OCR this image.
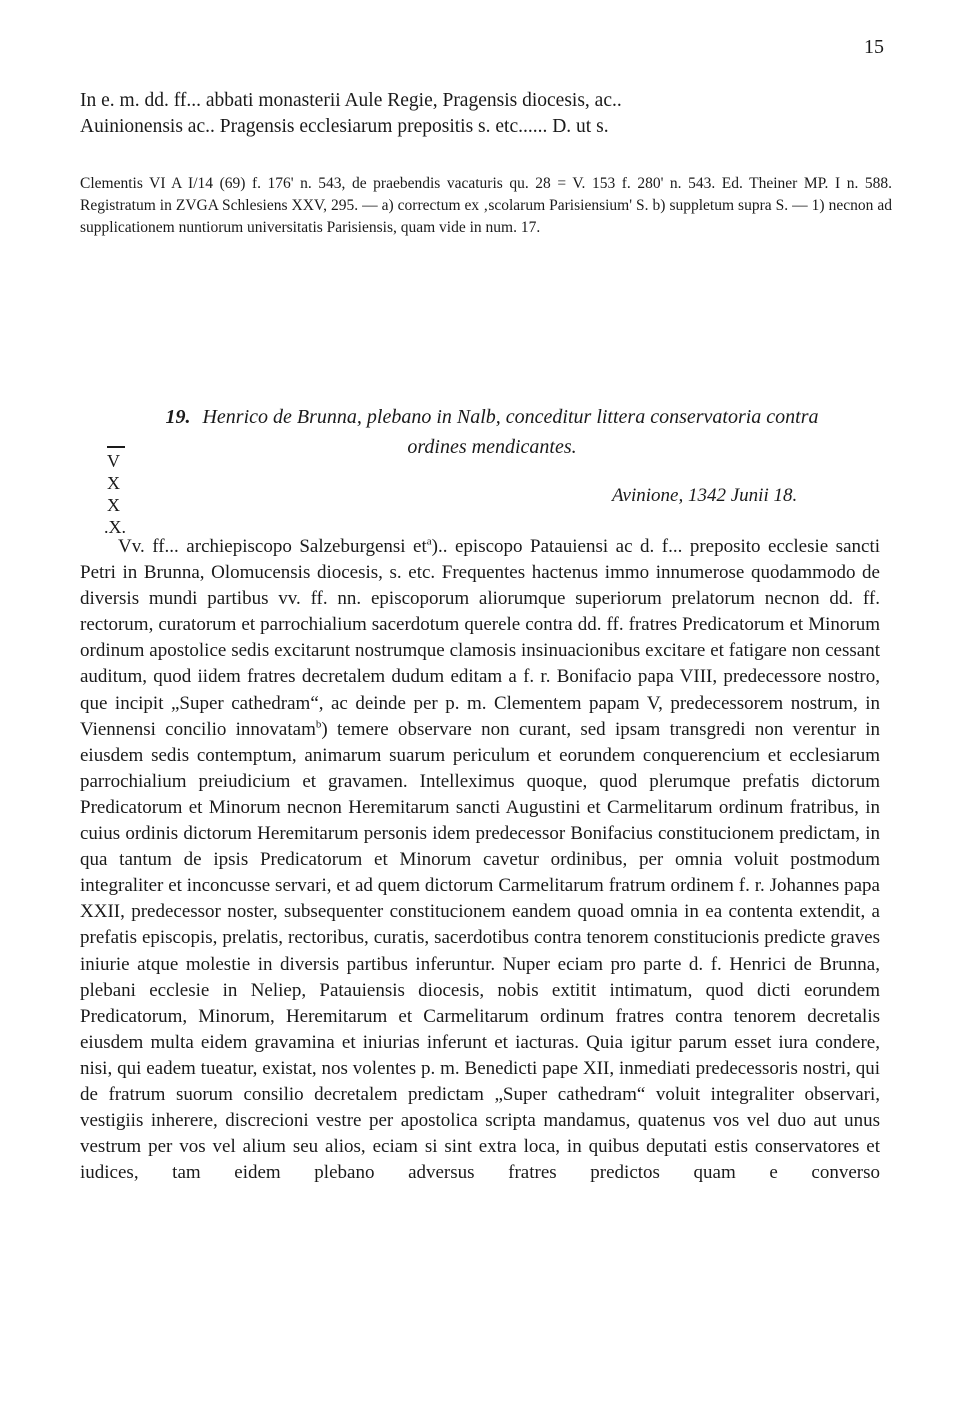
15
In e. m. dd. ff... abbati monasterii Aule Regie, Pragensis diocesis, ac..
Auinionensis ac.. Pragensis ecclesiarum prepositis s. etc...... D. ut s.
Clementis VI A I/14 (69) f. 176' n. 543, de praebendis vacaturis qu. 28 = V. 153 f. 280' n. 543. Ed. Theiner MP. I n. 588. Registratum in ZVGA Schlesiens XXV, 295. — a) correctum ex ‚scolarum Parisiensium' S. b) suppletum supra S. — 1) necnon ad supplicationem nuntiorum universitatis Parisiensis, quam vide in num. 17.
19. Henrico de Brunna, plebano in Nalb, conceditur littera conservatoria contra
ordines mendicantes.
V
X
X
.X.
Avinione, 1342 Junii 18.

Vv. ff... archiepiscopo Salzeburgensi $et^a$).. episcopo Patauiensi ac d. f... preposito ecclesie sancti Petri in Brunna, Olomucensis diocesis, s. etc. Frequentes hactenus immo innumerose quodammodo de diversis mundi partibus vv. ff. nn. episcoporum aliorumque superiorum prelatorum necnon dd. ff. rectorum, curatorum et parrochialium sacerdotum querele contra dd. ff. fratres Predicatorum et Minorum ordinum apostolice sedis excitarunt nostrumque clamosis insinuacionibus excitare et fatigare non cessant auditum, quod iidem fratres decretalem dudum editam a f. r. Bonifacio papa VIII, predecessore nostro, que incipit „Super cathedram“, ac deinde per p. m. Clementem papam V, predecessorem nostrum, in Viennensi concilio innovatam$^b$) temere observare non curant, sed ipsam transgredi non verentur in eiusdem sedis contemptum, animarum suarum periculum et eorundem conquerencium et ecclesiarum parrochialium preiudicium et gravamen. Intelleximus quoque, quod plerumque prefatis dictorum Predicatorum et Minorum necnon Heremitarum sancti Augustini et Carmelitarum ordinum fratribus, in cuius ordinis dictorum Heremitarum personis idem predecessor Bonifacius constitucionem predictam, in qua tantum de ipsis Predicatorum et Minorum cavetur ordinibus, per omnia voluit postmodum integraliter et inconcusse servari, et ad quem dictorum Carmelitarum fratrum ordinem f. r. Johannes papa XXII, predecessor noster, subsequenter constitucionem eandem quoad omnia in ea contenta extendit, a prefatis episcopis, prelatis, rectoribus, curatis, sacerdotibus contra tenorem constitucionis predicte graves iniurie atque molestie in diversis partibus inferuntur. Nuper eciam pro parte d. f. Henrici de Brunna, plebani ecclesie in Neliep, Patauiensis diocesis, nobis extitit intimatum, quod dicti eorundem Predicatorum, Minorum, Heremitarum et Carmelitarum ordinum fratres contra tenorem decretalis eiusdem multa eidem gravamina et iniurias inferunt et iacturas. Quia igitur parum esset iura condere, nisi, qui eadem tueatur, existat, nos volentes p. m. Benedicti pape XII, inmediati predecessoris nostri, qui de fratrum suorum consilio decretalem predictam „Super cathedram“ voluit integraliter observari, vestigiis inherere, discrecioni vestre per apostolica scripta mandamus, quatenus vos vel duo aut unus vestrum per vos vel alium seu alios, eciam si sint extra loca, in quibus deputati estis conservatores et iudices, tam eidem plebano adversus fratres predictos quam e converso
